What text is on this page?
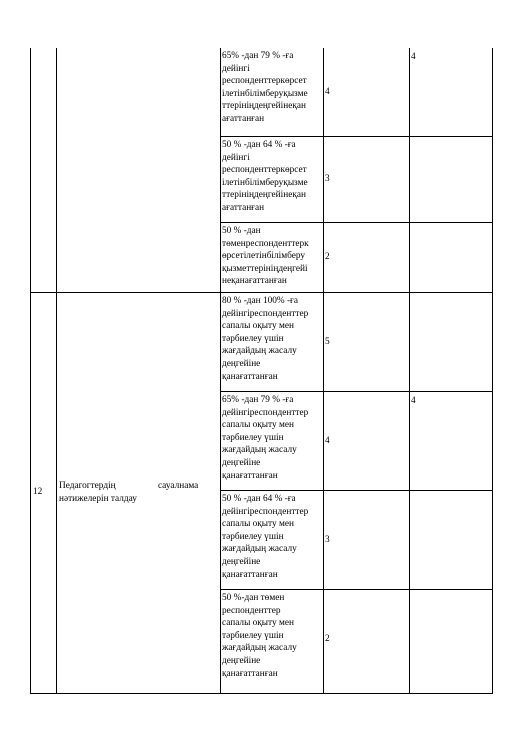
65% -дан 79 % -ға
дейінгі
респонденттеркөрсет
ілетінбілімберуқызме
ттерініңдеңгейінеқан
ағаттанған
4
4
50 % -дан 64 % -ға
дейінгі
респонденттеркөрсет
ілетінбілімберуқызме
ттерініңдеңгейінеқан
ағаттанған
3
50 % -дан
төменреспонденттерк
өрсетілетінбілімберу
қызметтерініңдеңгейі
неқанағаттанған
2
12
Педагогтердің сауалнама
нәтижелерін талдау
80 % -дан 100% -ға
дейінгіреспонденттер
сапалы оқыту мен
тәрбиелеу үшін
жағдайдың жасалу
деңгейіне
қанағаттанған
5
65% -дан 79 % -ға
дейінгіреспонденттер
сапалы оқыту мен
тәрбиелеу үшін
жағдайдың жасалу
деңгейіне
қанағаттанған
4
4
50 % -дан 64 % -ға
дейінгіреспонденттер
сапалы оқыту мен
тәрбиелеу үшін
жағдайдың жасалу
деңгейіне
қанағаттанған
3
50 %-дан төмен
респонденттер
сапалы оқыту мен
тәрбиелеу үшін
жағдайдың жасалу
деңгейіне
қанағаттанған
2
